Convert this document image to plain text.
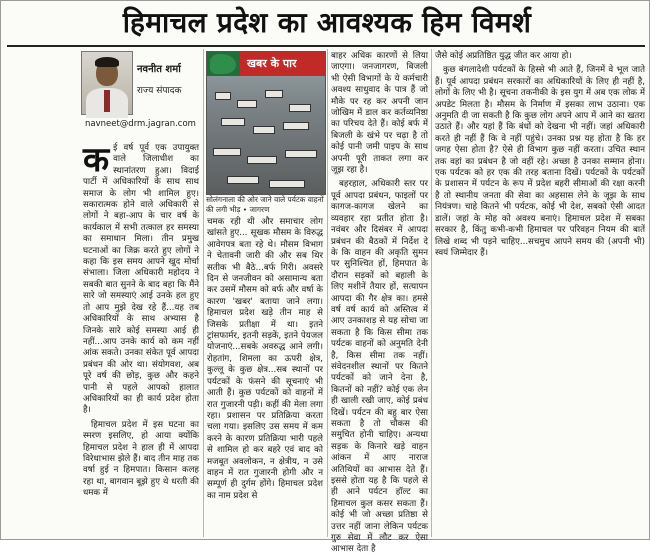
हिमाचल प्रदेश का आवश्यक हिम विमर्श
नवनीत शर्मा
राज्य संपादक
navneet@drm.jagran.com

क ई वर्ष पूर्व एक उपायुक्त वाले जिलाधीश का स्थानांतरण हुआ। विदाई पार्टी में अधिकारियों के साथ साथ समाज के लोग भी शामिल हुए। सकारात्मक होने वाले अधिकारी से लोगों ने बहा-आप के चार वर्ष के कार्यकाल में सभी तत्काल हर समस्या का समाधान मिला। तीन प्रमुख घटनाओं का जिक्र करते हुए लोगों ने कहा कि इस समय आपने खुद मोर्चा संभाला। जिला अधिकारी महोदय ने सबकी बात सुनने के बाद बहा कि मैंने सारे जो समस्याएं आई उनके हल हुए तो आप मुझे देख रहे हैं...यह तब अधिकारियों के साथ अभ्यास है जिनके सारे कोई समस्या आई ही नहीं...आप उनके कार्य को कम नहीं आंक सकते। उनका संकेत पूर्व आपदा प्रबंधन की ओर था। संयोगवश, अब पूरे वर्ष की छोड़, कुछ और कहने पानी से पहले आपको हालात अधिकारियों का ही कार्य प्रदेश होता है।

हिमाचल प्रदेश में इस घटना का स्मरण इसलिए, हो आया क्योंकि हिमाचल प्रदेश ने हाल ही में आपदा विरेधाभास झेले हैं। बाद तीन माह तक वर्षा हुई न हिमपात। किसान कलह रहा था, बागवान बूझे हुए थे धरती की धमक में

खबर के पार
सोलंगनाला की ओर जाने वाले पर्यटक वाहनों की लगी भीड़ • जागरण

चमक रही थी और समाचार लोग खांसते हुए... सूखक मौसम के विरुद्ध आवेगपत्र बता रहे थे। मौसम विभाग ने चेतावनी जारी की और सब थिर सतीक भी बैठे...बर्फ गिरी। अवसरे दिन से जनजीवन को असामान्य बता कर उसमें मौसम को बर्फ और वर्षा के कारण 'खबर' बताया जाने लगा। हिमाचल प्रदेश खड़े तीन माह से जिसके प्रतीक्षा में था। इतने ट्रांसफार्मर, इतनी सड़कें, इतने पेयजल योजनाएं...सबके अवरुद्ध आने लगी। रोहतांग, शिमला का ऊपरी क्षेत्र, कुल्लू के कुछ क्षेत्र...सब स्थानों पर पर्यटकों के फंसने की सूचनाएं भी आती हैं। कुछ पर्यटकों को वाहनों में रात गुजारनी पड़ी। कहीं की मेला लगा रहा। प्रशासन पर प्रतिक्रिया करता चला गया। इसलिए उस समय में कम करने के कारण प्रतिक्रिया भारी पहले से शामिल हो कर बहरे एवं बाद को मजबूत अवलोकन, न क्षेत्रीय, न उसे वाहन में रात गुजारनी होगी और न सम्पूर्ण ही दुर्गम होंगे। हिमाचल प्रदेश का नाम प्रदेश से

बाहर अधिक कारणों से लिया जाएगा। जनजागरण, बिजली भी ऐसी विभागों के ये कर्मचारी अवश्य साधुवाद के पात्र हैं जो मौके पर रह कर अपनी जान जोखिम में डाल कर कर्तव्यनिष्ठा का परिचय देते हैं। कोई बर्फ में बिजली के खंभे पर चढ़ा है तो कोई पानी जमी पाइप के साथ अपनी पूरी ताकत लगा कर जूझ रहा है।

बहरहाल, अधिकारी स्तर पर पूर्व आपदा प्रबंधन, फाइलों पर कागज-कागज खेलने का व्यवहार रहा प्रतीत होता है। नवंबर और दिसंबर में आपदा प्रबंधन की बैठकों में निर्देश दे के कि वाहन की अकृति सुमन पर सुनिश्चित हों, हिमपात के दौरान सड़कों को बहाली के लिए मशीनें तैयार हों, सत्यापन आपदा की गैर क्षेत्र का। हमसे वर्ष वर्ष कार्य को अस्तित्व में आए उनकाशड़ से यह सोचा जा सकता है कि किस सीमा तक पर्यटक वाहनों को अनुमति देनी है, किस सीमा तक नहीं। संवेदनशील स्थानों पर कितने पर्यटकों को जाने देना है, कितनों को नहीं? कोई एक लेन ही खाली रखी जाए, कोई प्रबंध दिखें। पर्यटन की बहु बार ऐसा सकता है तो चौकस की समुचित होनी चाहिए। अन्यथा सड़क के किनारे खड़े वाहन आंकन में आए नाराज अतिथियों का आभास देते हैं। इससे होता यह है कि पहले से ही आने पर्यटन हॉल्ट का हिमाचल कुल कसर सकता हैं। कोई भी जो अच्छा प्रतिष्ठा से उत्तर नहीं जाना लेकिन पर्यटक गुरु सेवा में लौट कर ऐसा आभास देता है

जैसे कोई अप्रतिष्ठित युद्ध जीत कर आया हो।

कुछ बंगलादेशी पर्यटकों के हिस्से भी आते हैं, जिनमें वे भूल जाते हैं। पूर्व आपदा प्रबंधन सरकारों का अधिकारियों के लिए ही नहीं है, लोगों के लिए भी है। सूचना तकनीकी के इस युग में अब एक लोक में अपडेट मिलता है। मौसम के निर्माण में इसका लाभ उठाना। एक अनुमति दी जा सकती है कि कुछ लोग अपने आप में आने का खतरा उठाते हैं। और यहां हैं कि बंधों को देखना भी नहीं। जहां अधिकारी करते ही नहीं हैं कि वे नहीं पहुंचे। उनका प्रश्न यह होता है कि हर जगह ऐसा होता है? ऐसे ही विभाग कुछ नहीं करता। उचित स्थान तक वहां का प्रबंधन है जो वहीं रहे। अच्छा है उनका सम्मान होना। एक पर्यटक को हर एक की तरह बताना दिखें। पर्यटकों के पर्यटकों के प्रशासन में पर्यटन के रूप में प्रदेश बहरी सीमाओं की रक्षा करनी है तो स्थानीय जनता की सेवा का अहसास लेने के जूझ के साथ नियंत्रण। चाहे कितने भी पर्यटक, कोई भी देश, सबको ऐसी आदत डालें। जहां के मोह को अवश्य बनाएं। हिमाचल प्रदेश में सबका सरकार है, किंतु कभी-कभी हिमाचल पर परिवहन नियम की बातें लिखे शब्द भी पड़ने चाहिए...सचमुच आपने समय की (अपनी भी) स्वयं जिम्मेदार हैं।
